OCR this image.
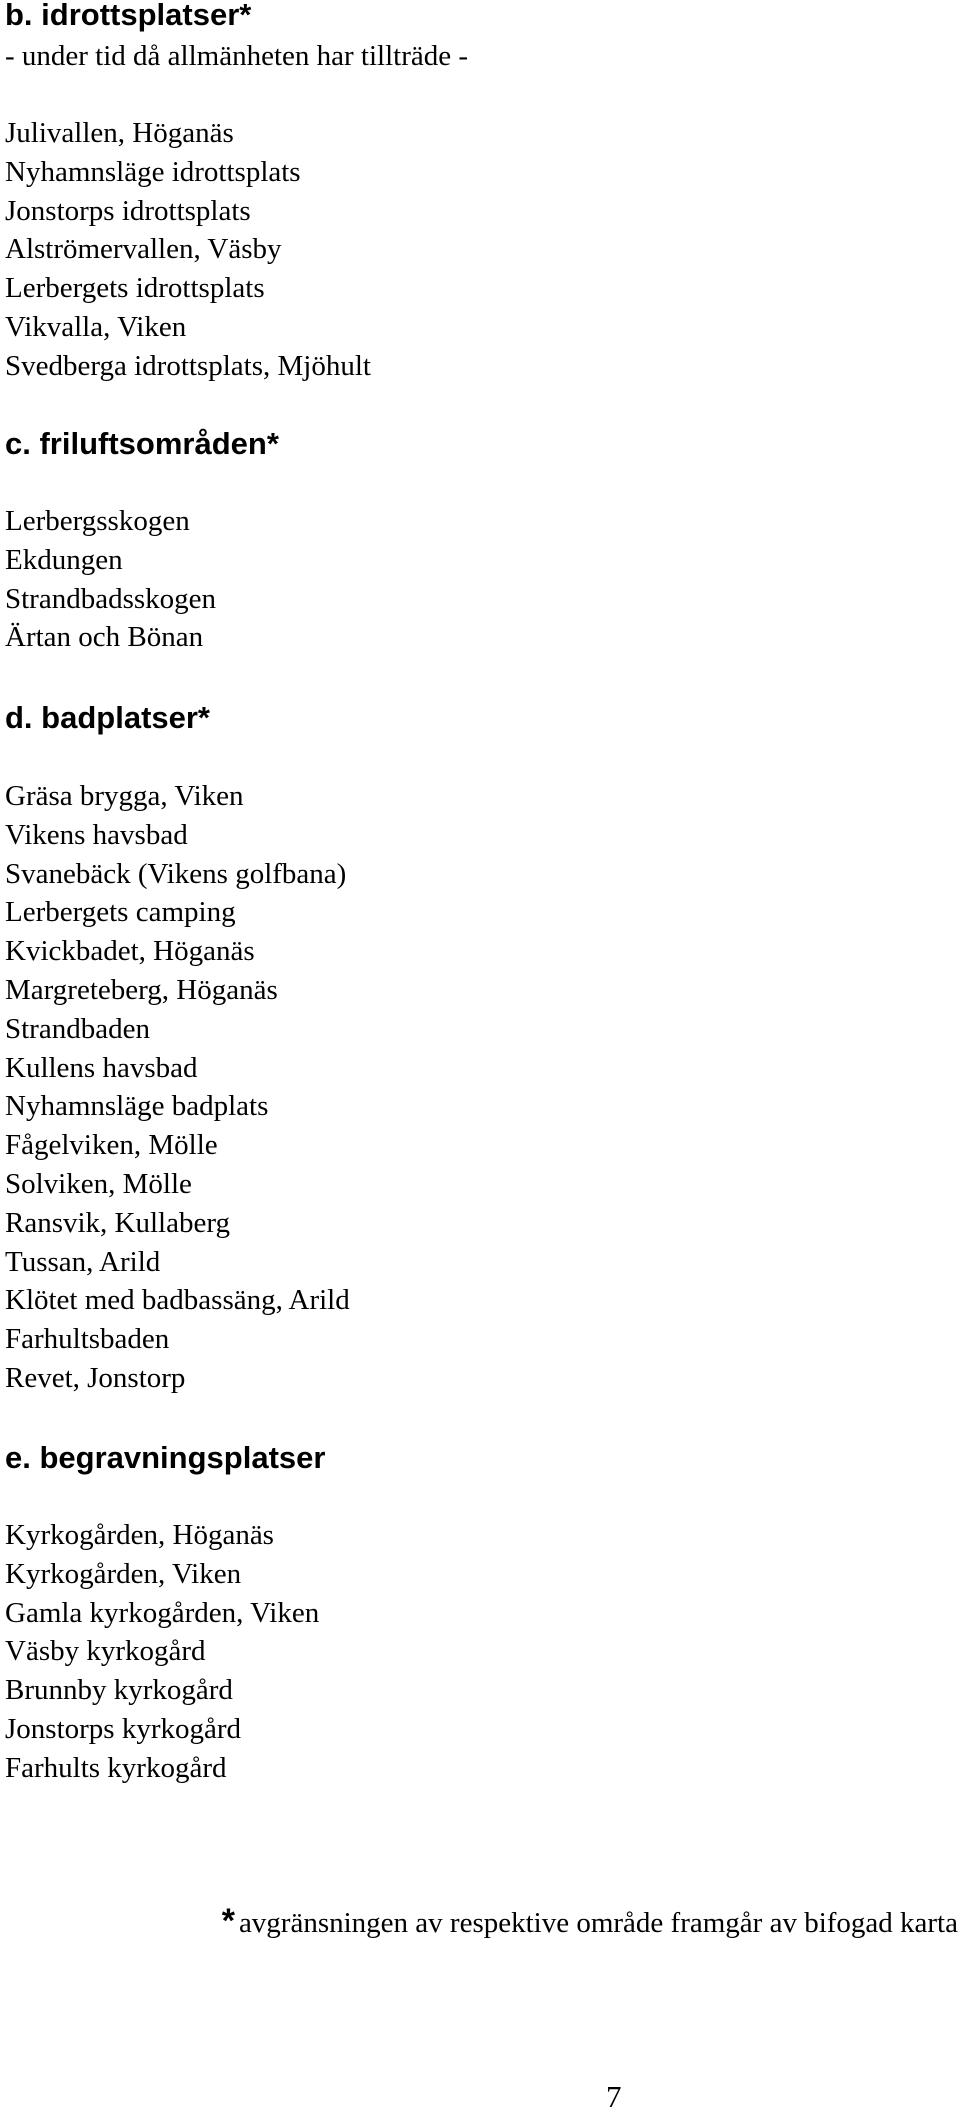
b. idrottsplatser*
- under tid då allmänheten har tillträde -
Julivallen, Höganäs
Nyhamnsläge idrottsplats
Jonstorps idrottsplats
Alströmervallen, Väsby
Lerbergets idrottsplats
Vikvalla, Viken
Svedberga idrottsplats, Mjöhult
c. friluftsområden*
Lerbergsskogen
Ekdungen
Strandbadsskogen
Ärtan och Bönan
d. badplatser*
Gräsa brygga, Viken
Vikens havsbad
Svanebäck (Vikens golfbana)
Lerbergets camping
Kvickbadet, Höganäs
Margreteberg, Höganäs
Strandbaden
Kullens havsbad
Nyhamnsläge badplats
Fågelviken, Mölle
Solviken, Mölle
Ransvik, Kullaberg
Tussan, Arild
Klötet med badbassäng, Arild
Farhultsbaden
Revet, Jonstorp
e. begravningsplatser
Kyrkogården, Höganäs
Kyrkogården, Viken
Gamla kyrkogården, Viken
Väsby kyrkogård
Brunnby kyrkogård
Jonstorps kyrkogård
Farhults kyrkogård
* avgränsningen av respektive område framgår av bifogad karta
7
